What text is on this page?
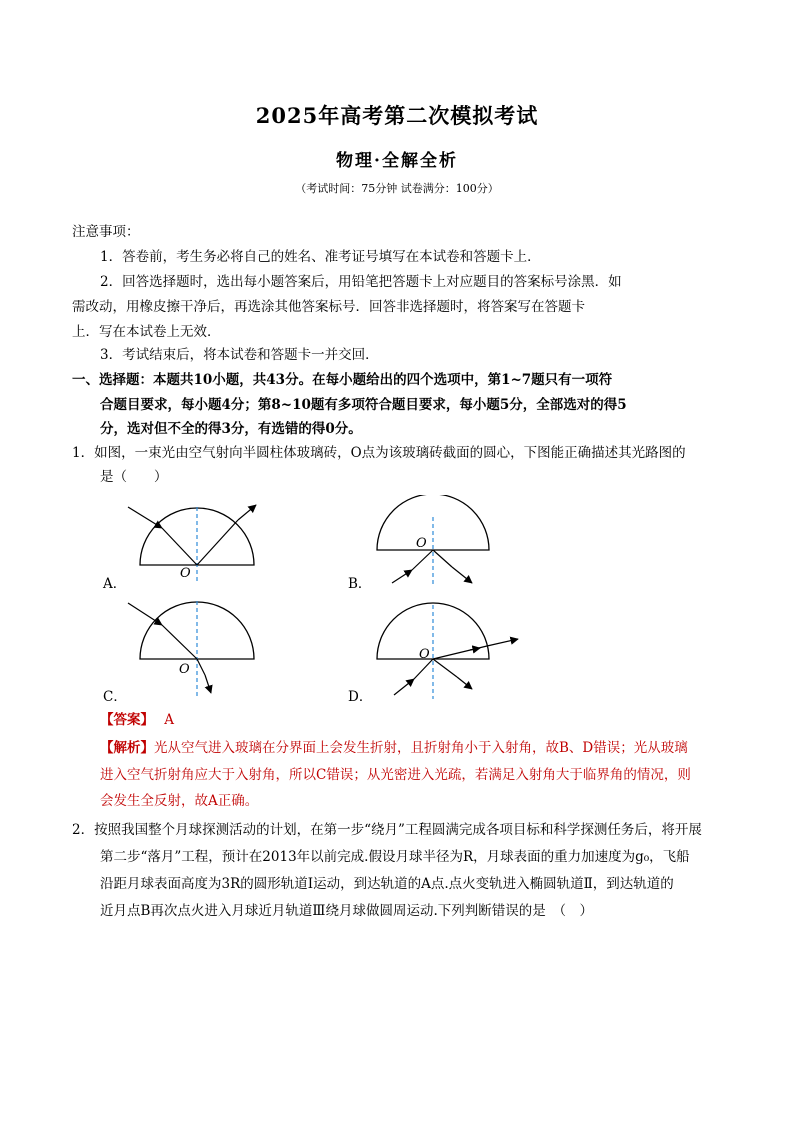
2025年高考第二次模拟考试
物理·全解全析
（考试时间：75分钟 试卷满分：100分）
注意事项：
1．答卷前，考生务必将自己的姓名、准考证号填写在本试卷和答题卡上．
2．回答选择题时，选出每小题答案后，用铅笔把答题卡上对应题目的答案标号涂黑．如
需改动，用橡皮擦干净后，再选涂其他答案标号．回答非选择题时，将答案写在答题卡
上．写在本试卷上无效．
3．考试结束后，将本试卷和答题卡一并交回．
一、选择题：本题共10小题，共43分。在每小题给出的四个选项中，第1~7题只有一项符
合题目要求，每小题4分；第8~10题有多项符合题目要求，每小题5分，全部选对的得5
分，选对但不全的得3分，有选错的得0分。
1．如图，一束光由空气射向半圆柱体玻璃砖，O点为该玻璃砖截面的圆心，下图能正确描述其光路图的
是（　　）
O
A．
O
B．
O
C．
O
D．
【答案】 A
【解析】光从空气进入玻璃在分界面上会发生折射，且折射角小于入射角，故B、D错误；光从玻璃
进入空气折射角应大于入射角，所以C错误；从光密进入光疏，若满足入射角大于临界角的情况，则
会发生全反射，故A正确。
2．按照我国整个月球探测活动的计划，在第一步“绕月”工程圆满完成各项目标和科学探测任务后，将开展
第二步“落月”工程，预计在2013年以前完成.假设月球半径为R，月球表面的重力加速度为g₀，飞船
沿距月球表面高度为3R的圆形轨道Ⅰ运动，到达轨道的A点.点火变轨进入椭圆轨道Ⅱ，到达轨道的
近月点B再次点火进入月球近月轨道Ⅲ绕月球做圆周运动.下列判断错误的是　（　）
